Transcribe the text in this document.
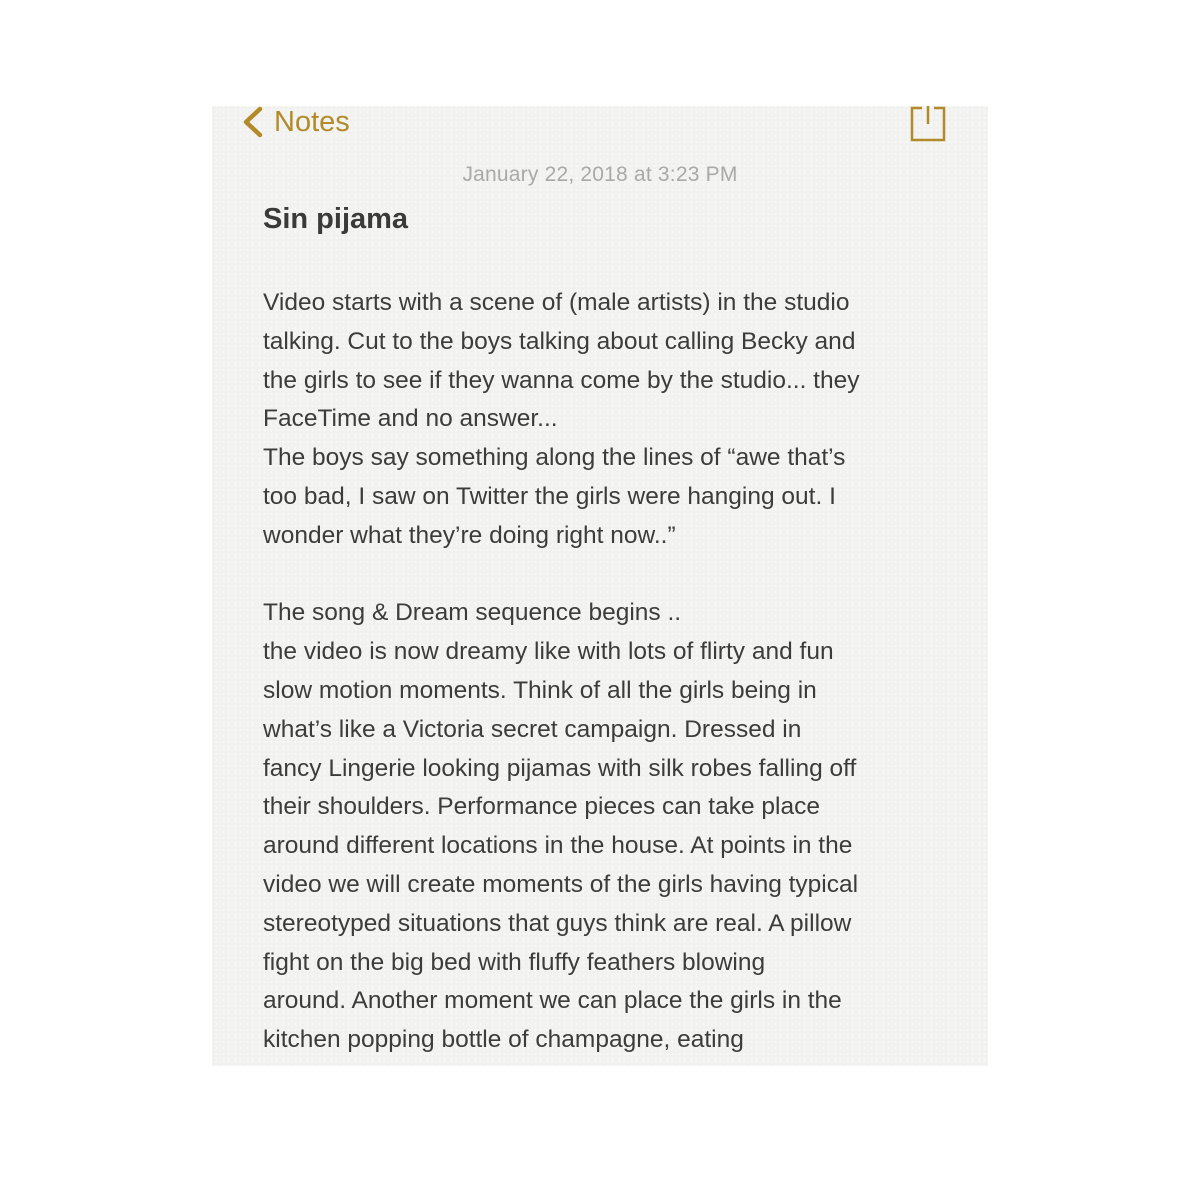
Notes
January 22, 2018 at 3:23 PM
Sin pijama
Video starts with a scene of (male artists) in the studio
talking. Cut to the boys talking about calling Becky and
the girls to see if they wanna come by the studio... they
FaceTime and no answer...
The boys say something along the lines of “awe that’s
too bad, I saw on Twitter the girls were hanging out. I
wonder what they’re doing right now..”
The song & Dream sequence begins ..
the video is now dreamy like with lots of flirty and fun
slow motion moments. Think of all the girls being in
what’s like a Victoria secret campaign. Dressed in
fancy Lingerie looking pijamas with silk robes falling off
their shoulders. Performance pieces can take place
around different locations in the house. At points in the
video we will create moments of the girls having typical
stereotyped situations that guys think are real. A pillow
fight on the big bed with fluffy feathers blowing
around. Another moment we can place the girls in the
kitchen popping bottle of champagne, eating
